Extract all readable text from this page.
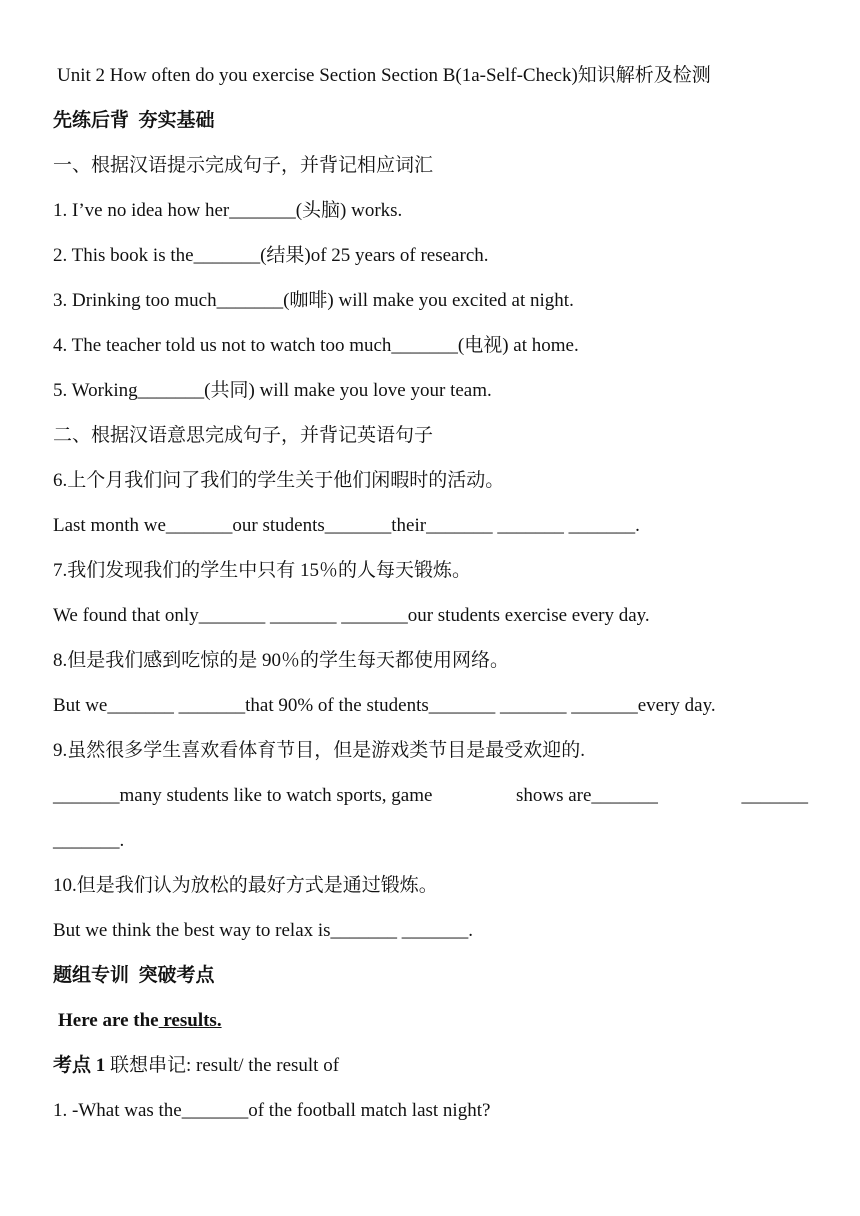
Unit 2 How often do you exercise Section Section B(1a-Self-Check)知识解析及检测
先练后背  夯实基础
一、根据汉语提示完成句子，并背记相应词汇
1. I’ve no idea how her_______(头脑) works.
2. This book is the_______(结果)of 25 years of research.
3. Drinking too much_______(咖啡) will make you excited at night.
4. The teacher told us not to watch too much_______(电视) at home.
5. Working_______(共同) will make you love your team.
二、根据汉语意思完成句子，并背记英语句子
6.上个月我们问了我们的学生关于他们闲暇时的活动。
Last month we_______our students_______their_______ _______ _______.
7.我们发现我们的学生中只有 15％的人每天锻炼。
We found that only_______ _______ _______our students exercise every day.
8.但是我们感到吃惊的是 90％的学生每天都使用网络。
But we_______ _______that 90% of the students_______ _______ _______every day.
9.虽然很多学生喜欢看体育节目，但是游戏类节目是最受欢迎的.
_______many students like to watch sports, game	shows are_______	_______
_______.
10.但是我们认为放松的最好方式是通过锻炼。
But we think the best way to relax is_______ _______.
题组专训  突破考点
Here are the results.
考点 1 联想串记: result/ the result of
1. -What was the_______of the football match last night?
